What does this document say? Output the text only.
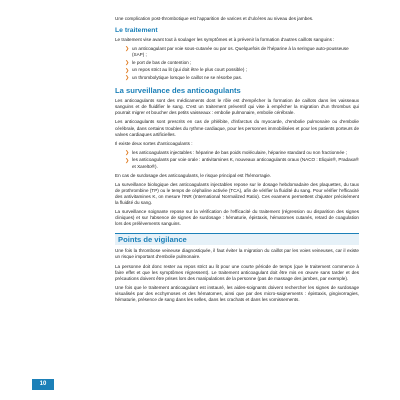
Une complication post-thrombotique est l'apparition de varices et d'ulcères au niveau des jambes.

Le traitement

Le traitement vise avant tout à soulager les symptômes et à prévenir la formation d'autres caillots sanguins :

❯ un anticoagulant par voie sous-cutanée ou par os. Quelquefois de l'héparine à la seringue auto-pousseuse (SAP) ;
❯ le port de bas de contention ;
❯ un repos strict au lit (qui doit être le plus court possible) ;
❯ un thrombolytique lorsque le caillot ne se résorbe pas.
La surveillance des anticoagulants

Les anticoagulants sont des médicaments dont le rôle est d'empêcher la formation de caillots dans les vaisseaux sanguins et de fluidifier le sang. C'est un traitement préventif qui vise à empêcher la migration d'un thrombus qui pourrait migrer et boucher des petits vaisseaux : embolie pulmonaire, embolie cérébrale.

Les anticoagulants sont prescrits en cas de phlébite, d'infarctus du myocarde, d'embolie pulmonaire ou d'embolie cérébrale, dans certains troubles du rythme cardiaque, pour les personnes immobilisées et pour les patients porteurs de valves cardiaques artificielles.

Il existe deux sortes d'anticoagulants :

❯ les anticoagulants injectables : héparine de bas poids moléculaire, héparine standard ou non fractionnée ;
❯ les anticoagulants par voie orale : antivitamines K, nouveaux anticoagulants oraux (NACO : Eliquis®, Pradaxa® et Xarelto®).

En cas de surdosage des anticoagulants, le risque principal est l'hémorragie.

La surveillance biologique des anticoagulants injectables repose sur le dosage hebdomadaire des plaquettes, du taux de prothrombine (TP) ou le temps de céphaline activée (TCA), afin de vérifier la fluidité du sang. Pour vérifier l'efficacité des antivitamines K, on mesure l'INR (International Normalized Ratio). Ces examens permettent d'ajuster précisément la fluidité du sang.

La surveillance soignante repose sur la vérification de l'efficacité du traitement (régression ou disparition des signes cliniques) et sur l'absence de signes de surdosage : hématurie, épistaxis, hématomes cutanés, retard de coagulation lors des prélèvements sanguins.

Points de vigilance

Une fois la thrombose veineuse diagnostiquée, il faut éviter la migration du caillot par les voies veineuses, car il existe un risque important d'embolie pulmonaire.

La personne doit donc rester au repos strict au lit pour une courte période de temps (que le traitement commence à faire effet et que les symptômes régressent). Le traitement anticoagulant doit être mis en œuvre sans tarder et des précautions doivent être prises lors des manipulations de la personne (pas de massage des jambes, par exemple).

Une fois que le traitement anticoagulant est instauré, les aides-soignants doivent rechercher les signes de surdosage visualisés par des ecchymoses et des hématomes, ainsi que par des micro-saignements : épistaxis, gingivorragies, hématurie, présence de sang dans les selles, dans les crachats et dans les vomissements.

10
